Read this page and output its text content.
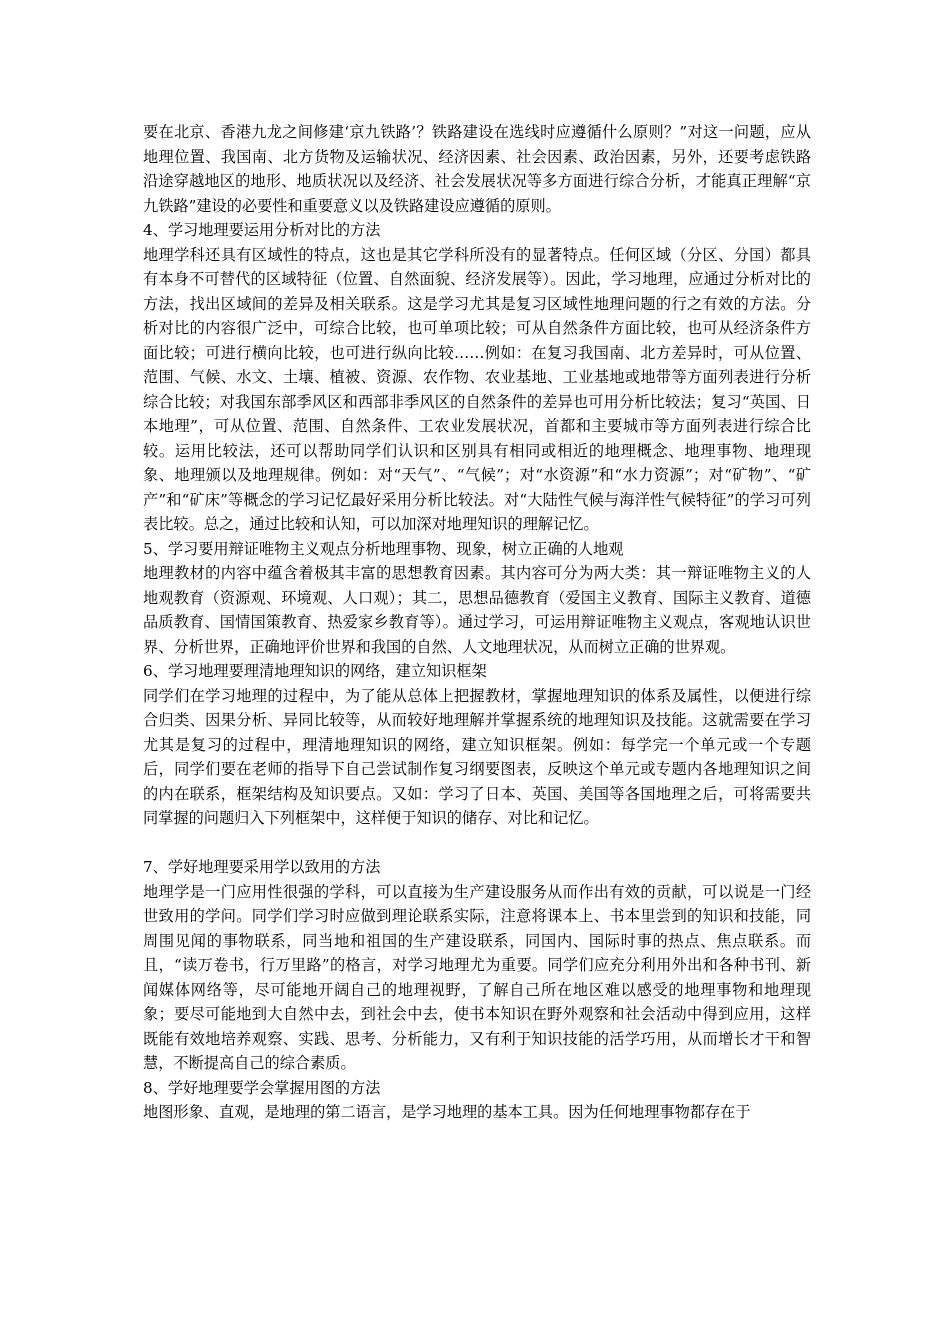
要在北京、香港九龙之间修建‘京九铁路’？铁路建设在选线时应遵循什么原则？”对这一问题，应从地理位置、我国南、北方货物及运输状况、经济因素、社会因素、政治因素，另外，还要考虑铁路沿途穿越地区的地形、地质状况以及经济、社会发展状况等多方面进行综合分析，才能真正理解“京九铁路”建设的必要性和重要意义以及铁路建设应遵循的原则。

4、学习地理要运用分析对比的方法

地理学科还具有区域性的特点，这也是其它学科所没有的显著特点。任何区域（分区、分国）都具有本身不可替代的区域特征（位置、自然面貌、经济发展等）。因此，学习地理，应通过分析对比的方法，找出区域间的差异及相关联系。这是学习尤其是复习区域性地理问题的行之有效的方法。分析对比的内容很广泛中，可综合比较，也可单项比较；可从自然条件方面比较，也可从经济条件方面比较；可进行横向比较，也可进行纵向比较……例如：在复习我国南、北方差异时，可从位置、范围、气候、水文、土壤、植被、资源、农作物、农业基地、工业基地或地带等方面列表进行分析综合比较；对我国东部季风区和西部非季风区的自然条件的差异也可用分析比较法；复习“英国、日本地理”，可从位置、范围、自然条件、工农业发展状况，首都和主要城市等方面列表进行综合比较。运用比较法，还可以帮助同学们认识和区别具有相同或相近的地理概念、地理事物、地理现象、地理颁以及地理规律。例如：对“天气”、“气候”；对“水资源”和“水力资源”；对“矿物”、“矿产”和“矿床”等概念的学习记忆最好采用分析比较法。对“大陆性气候与海洋性气候特征”的学习可列表比较。总之，通过比较和认知，可以加深对地理知识的理解记忆。

5、学习要用辩证唯物主义观点分析地理事物、现象，树立正确的人地观

地理教材的内容中蕴含着极其丰富的思想教育因素。其内容可分为两大类：其一辩证唯物主义的人地观教育（资源观、环境观、人口观）；其二，思想品德教育（爱国主义教育、国际主义教育、道德品质教育、国情国策教育、热爱家乡教育等）。通过学习，可运用辩证唯物主义观点，客观地认识世界、分析世界，正确地评价世界和我国的自然、人文地理状况，从而树立正确的世界观。

6、学习地理要理清地理知识的网络，建立知识框架

同学们在学习地理的过程中，为了能从总体上把握教材，掌握地理知识的体系及属性，以便进行综合归类、因果分析、异同比较等，从而较好地理解并掌握系统的地理知识及技能。这就需要在学习尤其是复习的过程中，理清地理知识的网络，建立知识框架。例如：每学完一个单元或一个专题后，同学们要在老师的指导下自己尝试制作复习纲要图表，反映这个单元或专题内各地理知识之间的内在联系，框架结构及知识要点。又如：学习了日本、英国、美国等各国地理之后，可将需要共同掌握的问题归入下列框架中，这样便于知识的储存、对比和记忆。

7、学好地理要采用学以致用的方法

地理学是一门应用性很强的学科，可以直接为生产建设服务从而作出有效的贡献，可以说是一门经世致用的学问。同学们学习时应做到理论联系实际，注意将课本上、书本里尝到的知识和技能，同周围见闻的事物联系，同当地和祖国的生产建设联系，同国内、国际时事的热点、焦点联系。而且，“读万卷书，行万里路”的格言，对学习地理尤为重要。同学们应充分利用外出和各种书刊、新闻媒体网络等，尽可能地开阔自己的地理视野，了解自己所在地区难以感受的地理事物和地理现象；要尽可能地到大自然中去，到社会中去，使书本知识在野外观察和社会活动中得到应用，这样既能有效地培养观察、实践、思考、分析能力，又有利于知识技能的活学巧用，从而增长才干和智慧，不断提高自己的综合素质。

8、学好地理要学会掌握用图的方法

地图形象、直观，是地理的第二语言，是学习地理的基本工具。因为任何地理事物都存在于
